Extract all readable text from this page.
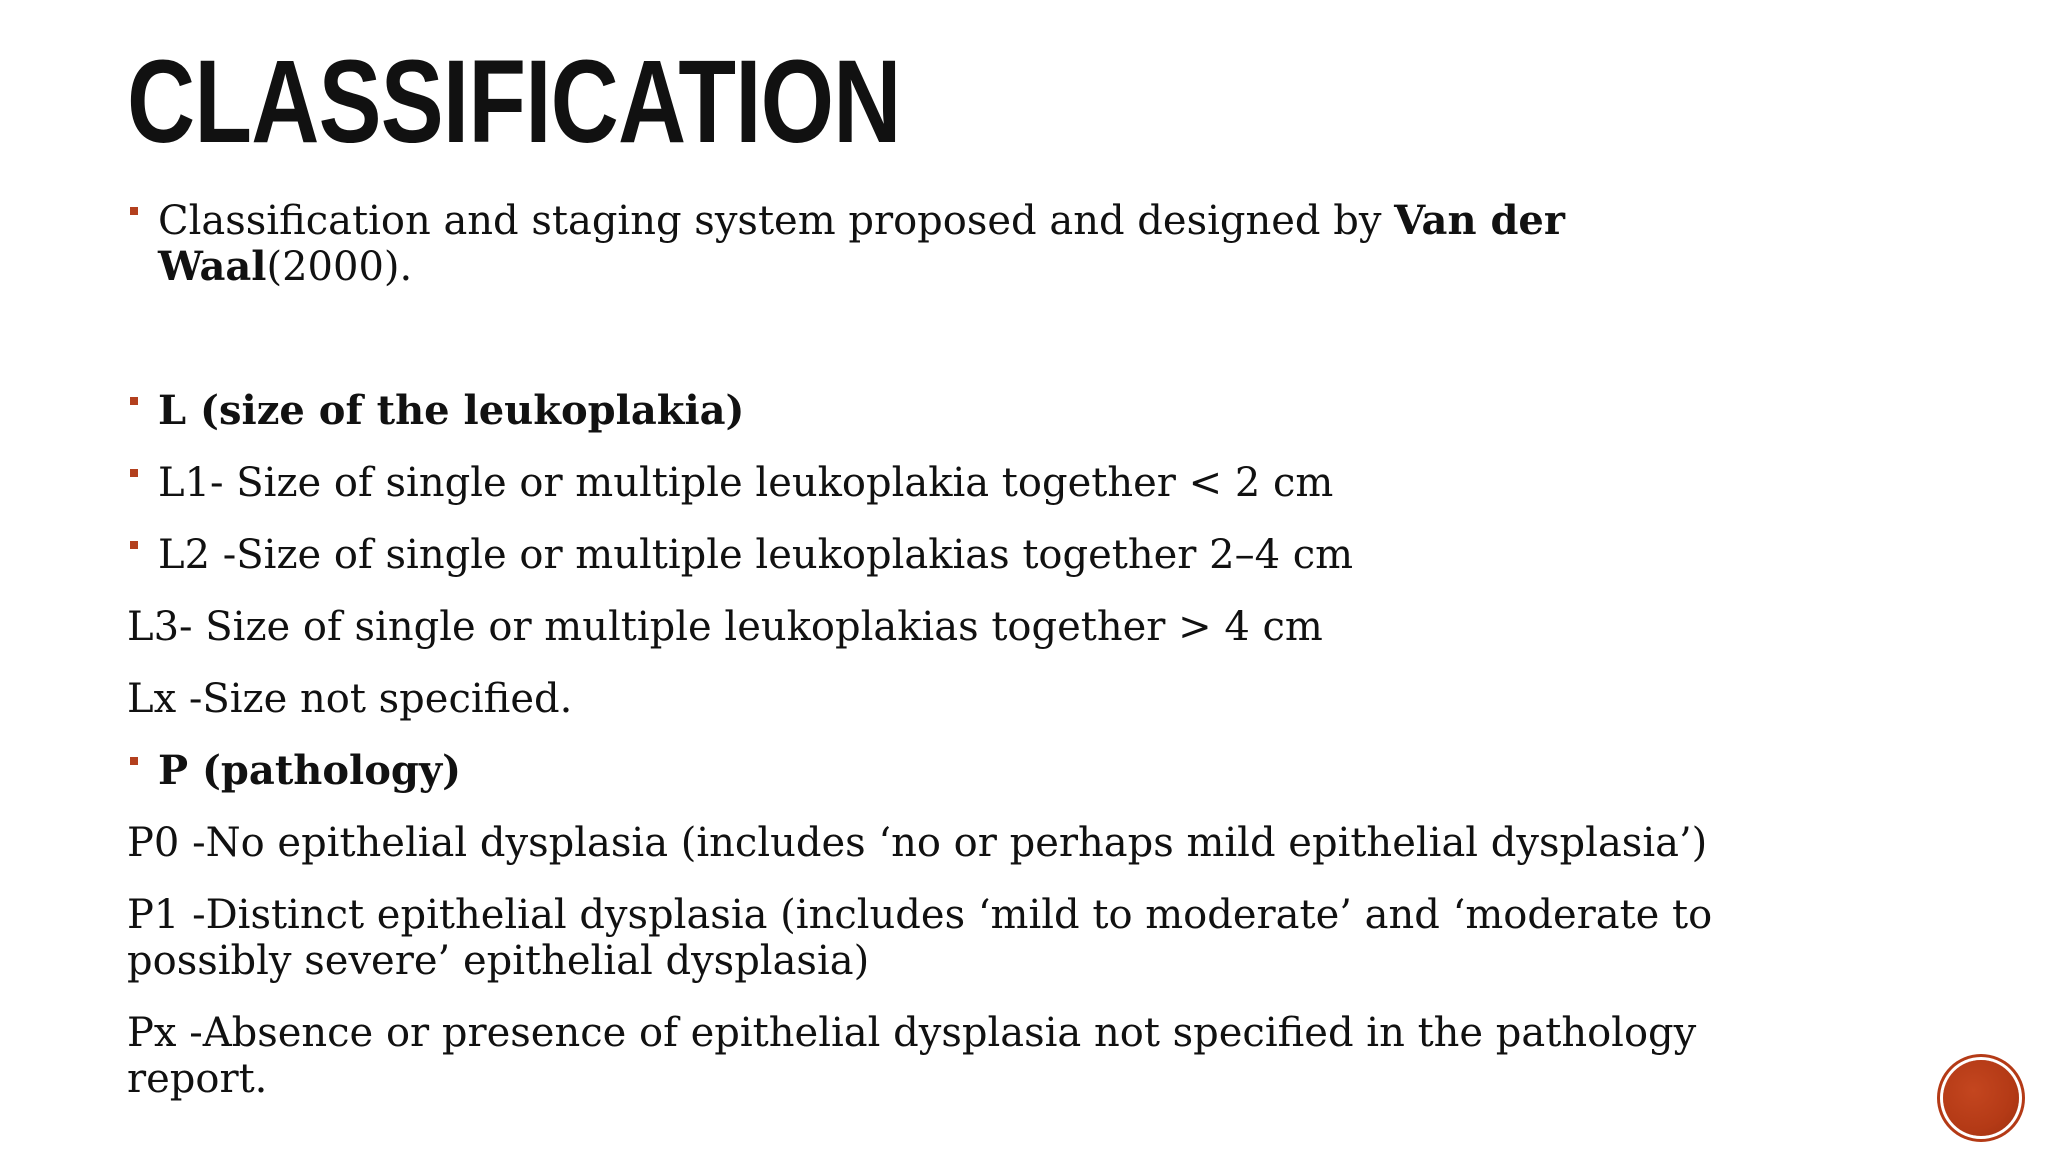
CLASSIFICATION

Classification and staging system proposed and designed by Van der Waal(2000).

L (size of the leukoplakia)

L1- Size of single or multiple leukoplakia together < 2 cm

L2 -Size of single or multiple leukoplakias together 2–4 cm

L3- Size of single or multiple leukoplakias together > 4 cm

Lx -Size not specified.

P (pathology)

P0 -No epithelial dysplasia (includes ‘no or perhaps mild epithelial dysplasia’)

P1 -Distinct epithelial dysplasia (includes ‘mild to moderate’ and ‘moderate to possibly severe’ epithelial dysplasia)

Px -Absence or presence of epithelial dysplasia not specified in the pathology report.
